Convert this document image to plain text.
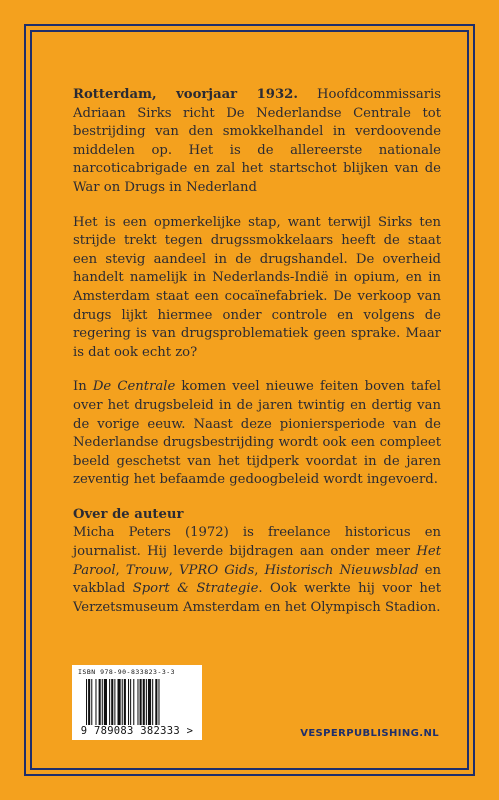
Rotterdam, voorjaar 1932. Hoofdcommissaris Adriaan Sirks richt De Nederlandse Centrale tot bestrijding van den smokkelhandel in verdoovende middelen op. Het is de allereerste nationale narcoticabrigade en zal het startschot blijken van de War on Drugs in Nederland

Het is een opmerkelijke stap, want terwijl Sirks ten strijde trekt tegen drugssmokkelaars heeft de staat een stevig aandeel in de drugshandel. De overheid handelt namelijk in Nederlands-Indië in opium, en in Amsterdam staat een cocaïnefabriek. De verkoop van drugs lijkt hiermee onder controle en volgens de regering is van drugsproblematiek geen sprake. Maar is dat ook echt zo?

In De Centrale komen veel nieuwe feiten boven tafel over het drugsbeleid in de jaren twintig en dertig van de vorige eeuw. Naast deze pioniersperiode van de Nederlandse drugsbestrijding wordt ook een compleet beeld geschetst van het tijdperk voordat in de jaren zeventig het befaamde gedoogbeleid wordt ingevoerd.

Over de auteur
Micha Peters (1972) is freelance historicus en journalist. Hij leverde bijdragen aan onder meer Het Parool, Trouw, VPRO Gids, Historisch Nieuwsblad en vakblad Sport & Strategie. Ook werkte hij voor het Verzetsmuseum Amsterdam en het Olympisch Stadion.

ISBN 978-90-833823-3-3
9 789083 382333 >	VESPERPUBLISHING.NL
